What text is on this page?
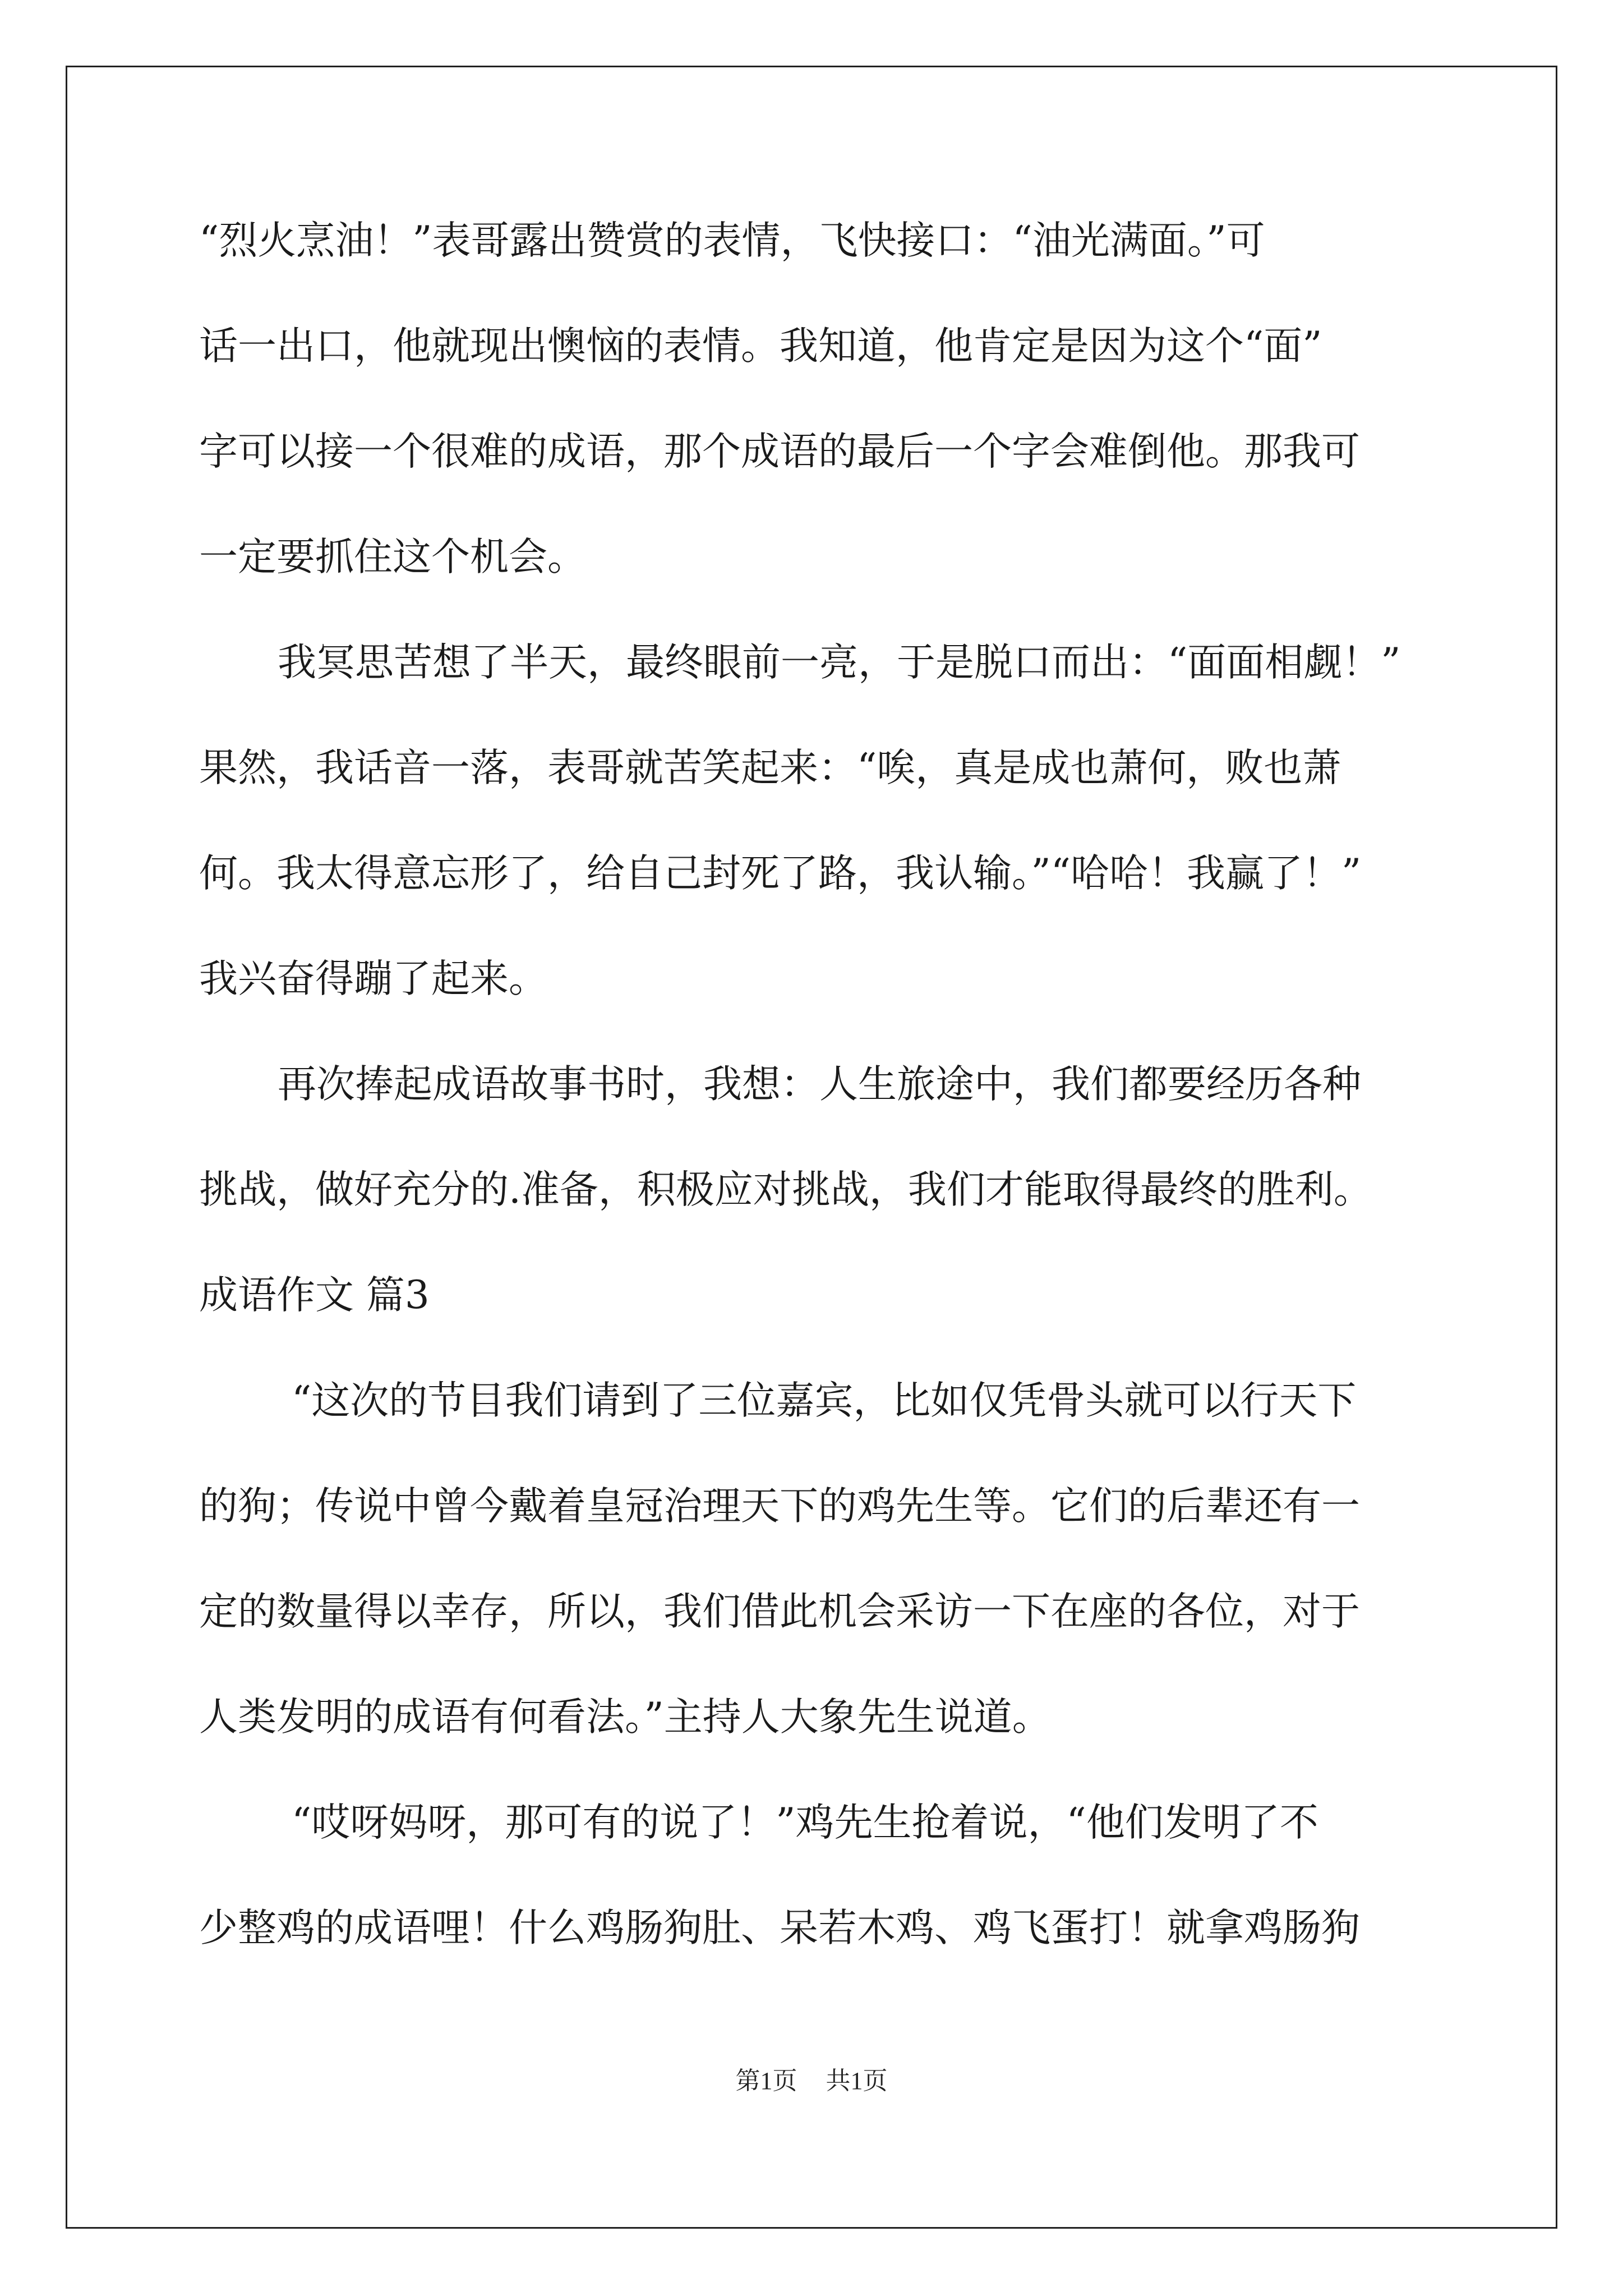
“烈火烹油！”表哥露出赞赏的表情，飞快接口：“油光满面。”可
话一出口，他就现出懊恼的表情。我知道，他肯定是因为这个“面”
字可以接一个很难的成语，那个成语的最后一个字会难倒他。那我可
一定要抓住这个机会。
我冥思苦想了半天，最终眼前一亮，于是脱口而出：“面面相觑！”
果然，我话音一落，表哥就苦笑起来：“唉，真是成也萧何，败也萧
何。我太得意忘形了，给自己封死了路，我认输。”“哈哈！我赢了！”
我兴奋得蹦了起来。
再次捧起成语故事书时，我想：人生旅途中，我们都要经历各种
挑战，做好充分的.准备，积极应对挑战，我们才能取得最终的胜利。
成语作文 篇3
“这次的节目我们请到了三位嘉宾，比如仅凭骨头就可以行天下
的狗；传说中曾今戴着皇冠治理天下的鸡先生等。它们的后辈还有一
定的数量得以幸存，所以，我们借此机会采访一下在座的各位，对于
人类发明的成语有何看法。”主持人大象先生说道。
“哎呀妈呀，那可有的说了！”鸡先生抢着说，“他们发明了不
少整鸡的成语哩！什么鸡肠狗肚、呆若木鸡、鸡飞蛋打！就拿鸡肠狗
第1页 共1页
